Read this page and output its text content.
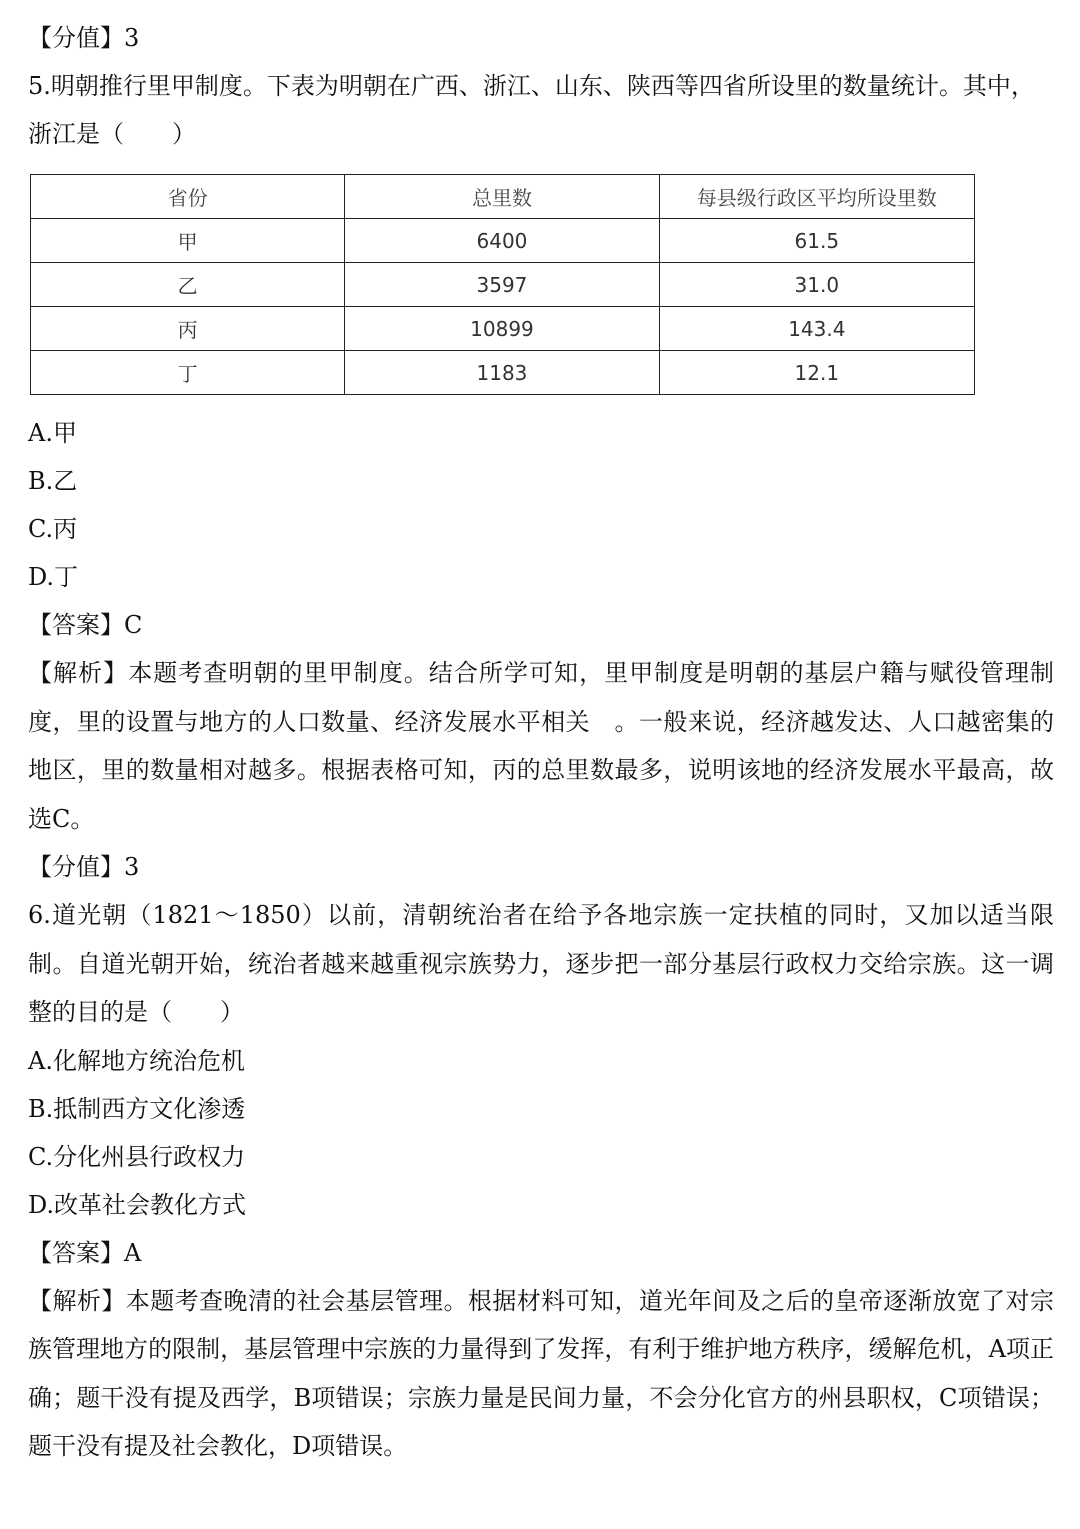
【分值】3
5.明朝推行里甲制度。下表为明朝在广西、浙江、山东、陕西等四省所设里的数量统计。其中，
浙江是（　　）
省份	总里数	每县级行政区平均所设里数
甲	6400	61.5
乙	3597	31.0
丙	10899	143.4
丁	1183	12.1
A.甲
B.乙
C.丙
D.丁
【答案】C
【解析】本题考查明朝的里甲制度。结合所学可知，里甲制度是明朝的基层户籍与赋役管理制度，里的设置与地方的人口数量、经济发展水平相关　。一般来说，经济越发达、人口越密集的地区，里的数量相对越多。根据表格可知，丙的总里数最多，说明该地的经济发展水平最高，故选C。
【分值】3
6.道光朝（1821～1850）以前，清朝统治者在给予各地宗族一定扶植的同时，又加以适当限制。自道光朝开始，统治者越来越重视宗族势力，逐步把一部分基层行政权力交给宗族。这一调整的目的是（　　）
A.化解地方统治危机
B.抵制西方文化渗透
C.分化州县行政权力
D.改革社会教化方式
【答案】A
【解析】本题考查晚清的社会基层管理。根据材料可知，道光年间及之后的皇帝逐渐放宽了对宗族管理地方的限制，基层管理中宗族的力量得到了发挥，有利于维护地方秩序，缓解危机，A项正确；题干没有提及西学，B项错误；宗族力量是民间力量，不会分化官方的州县职权，C项错误；题干没有提及社会教化，D项错误。
